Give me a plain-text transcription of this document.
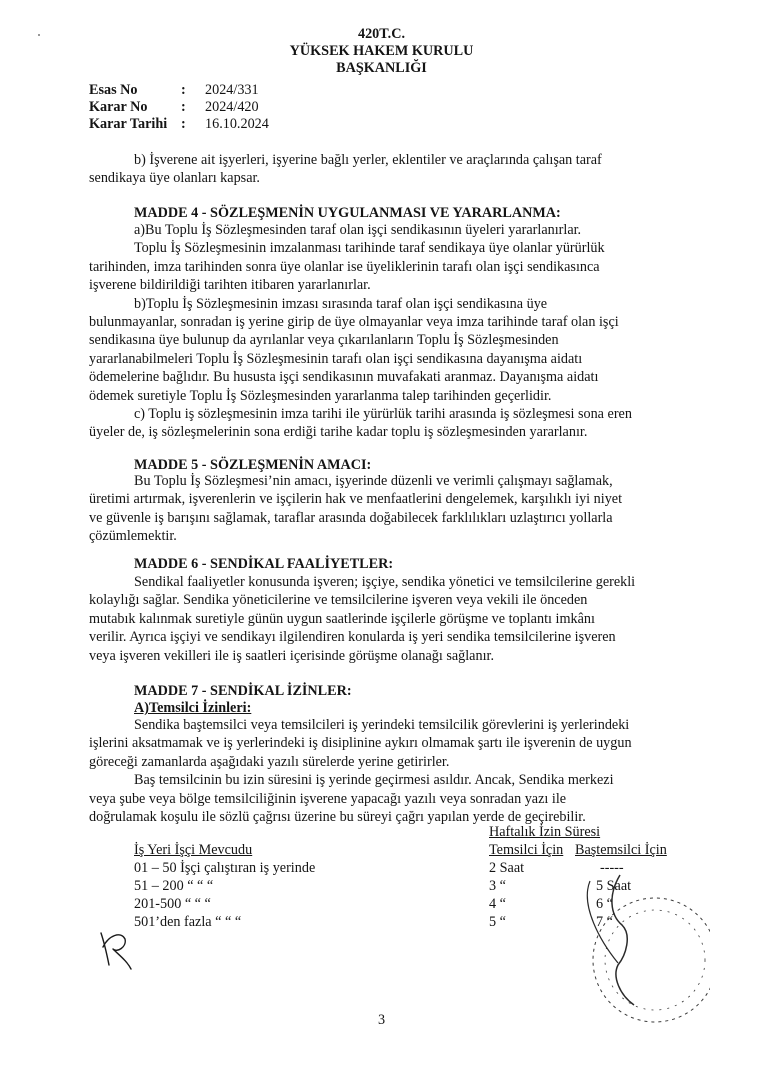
420T.C.
YÜKSEK HAKEM KURULU
BAŞKANLIĞI
Esas No	: 2024/331
Karar No : 2024/420
Karar Tarihi : 16.10.2024
b) İşverene ait işyerleri, işyerine bağlı yerler, eklentiler ve araçlarında çalışan taraf
sendikaya üye olanları kapsar.
MADDE 4 - SÖZLEŞMENİN UYGULANMASI VE YARARLANMA:
a)Bu Toplu İş Sözleşmesinden taraf olan işçi sendikasının üyeleri yararlanırlar.
Toplu İş Sözleşmesinin imzalanması tarihinde taraf sendikaya üye olanlar yürürlük
tarihinden, imza tarihinden sonra üye olanlar ise üyeliklerinin tarafı olan işçi sendikasınca
işverene bildirildiği tarihten itibaren yararlanırlar.
b)Toplu İş Sözleşmesinin imzası sırasında taraf olan işçi sendikasına üye
bulunmayanlar, sonradan iş yerine girip de üye olmayanlar veya imza tarihinde taraf olan işçi
sendikasına üye bulunup da ayrılanlar veya çıkarılanların Toplu İş Sözleşmesinden
yararlanabilmeleri Toplu İş Sözleşmesinin tarafı olan işçi sendikasına dayanışma aidatı
ödemelerine bağlıdır. Bu hususta işçi sendikasının muvafakati aranmaz. Dayanışma aidatı
ödemek suretiyle Toplu İş Sözleşmesinden yararlanma talep tarihinden geçerlidir.
c) Toplu iş sözleşmesinin imza tarihi ile yürürlük tarihi arasında iş sözleşmesi sona eren
üyeler de, iş sözleşmelerinin sona erdiği tarihe kadar toplu iş sözleşmesinden yararlanır.
MADDE 5 - SÖZLEŞMENİN AMACI:
Bu Toplu İş Sözleşmesi’nin amacı, işyerinde düzenli ve verimli çalışmayı sağlamak,
üretimi artırmak, işverenlerin ve işçilerin hak ve menfaatlerini dengelemek, karşılıklı iyi niyet
ve güvenle iş barışını sağlamak, taraflar arasında doğabilecek farklılıkları uzlaştırıcı yollarla
çözümlemektir.
MADDE 6 - SENDİKAL FAALİYETLER:
Sendikal faaliyetler konusunda işveren; işçiye, sendika yönetici ve temsilcilerine gerekli
kolaylığı sağlar. Sendika yöneticilerine ve temsilcilerine işveren veya vekili ile önceden
mutabık kalınmak suretiyle günün uygun saatlerinde işçilerle görüşme ve toplantı imkânı
verilir. Ayrıca işçiyi ve sendikayı ilgilendiren konularda iş yeri sendika temsilcilerine işveren
veya işveren vekilleri ile iş saatleri içerisinde görüşme olanağı sağlanır.
MADDE 7 - SENDİKAL İZİNLER:
A)Temsilci İzinleri:
Sendika baştemsilci veya temsilcileri iş yerindeki temsilcilik görevlerini iş yerlerindeki
işlerini aksatmamak ve iş yerlerindeki iş disiplinine aykırı olmamak şartı ile işverenin de uygun
göreceği zamanlarda aşağıdaki yazılı sürelerde yerine getirirler.
Baş temsilcinin bu izin süresini iş yerinde geçirmesi asıldır. Ancak, Sendika merkezi
veya şube veya bölge temsilciliğinin işverene yapacağı yazılı veya sonradan yazı ile
doğrulamak koşulu ile sözlü çağrısı üzerine bu süreyi çağrı yapılan yerde de geçirebilir.
Haftalık İzin Süresi
İş Yeri İşçi Mevcudu	Temsilci İçin Baştemsilci İçin
01 – 50 İşçi çalıştıran iş yerinde	2 Saat	-----
51 – 200 “ “ “	3 “	5 Saat
201-500 “ “ “	4 “	6 “
501’den fazla “ “ “	5 “	7 “
3
